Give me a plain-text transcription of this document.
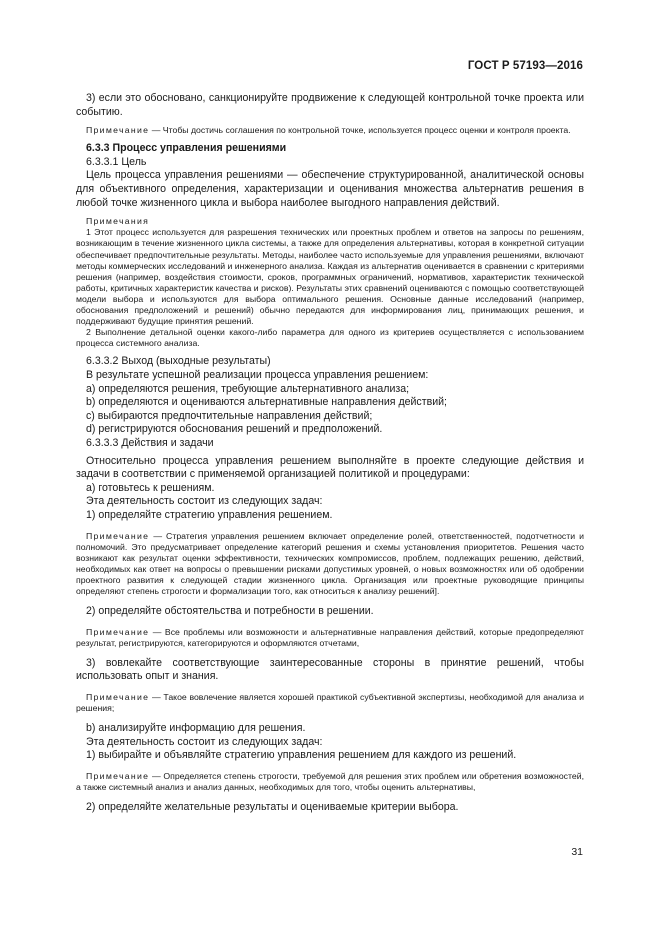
ГОСТ Р 57193—2016

3) если это обосновано, санкционируйте продвижение к следующей контрольной точке проекта или событию.

Примечание — Чтобы достичь соглашения по контрольной точке, используется процесс оценки и контроля проекта.

6.3.3 Процесс управления решениями

6.3.3.1 Цель

Цель процесса управления решениями — обеспечение структурированной, аналитической основы для объективного определения, характеризации и оценивания множества альтернатив решения в любой точке жизненного цикла и выбора наиболее выгодного направления действий.

Примечания

1 Этот процесс используется для разрешения технических или проектных проблем и ответов на запросы по решениям, возникающим в течение жизненного цикла системы, а также для определения альтернативы, которая в конкретной ситуации обеспечивает предпочтительные результаты. Методы, наиболее часто используемые для управления решениями, включают методы коммерческих исследований и инженерного анализа. Каждая из альтернатив оценивается в сравнении с критериями решения (например, воздействия стоимости, сроков, программных ограничений, нормативов, характеристик технической работы, критичных характеристик качества и рисков). Результаты этих сравнений оцениваются с помощью соответствующей модели выбора и используются для выбора оптимального решения. Основные данные исследований (например, обоснования предположений и решений) обычно передаются для информирования лиц, принимающих решения, и поддерживают будущие принятия решений.

2 Выполнение детальной оценки какого-либо параметра для одного из критериев осуществляется с использованием процесса системного анализа.

6.3.3.2 Выход (выходные результаты)

В результате успешной реализации процесса управления решением:

a) определяются решения, требующие альтернативного анализа;

b) определяются и оцениваются альтернативные направления действий;

c) выбираются предпочтительные направления действий;

d) регистрируются обоснования решений и предположений.

6.3.3.3 Действия и задачи

Относительно процесса управления решением выполняйте в проекте следующие действия и задачи в соответствии с применяемой организацией политикой и процедурами:

a) готовьтесь к решениям.

Эта деятельность состоит из следующих задач:

1) определяйте стратегию управления решением.

Примечание — Стратегия управления решением включает определение ролей, ответственностей, подотчетности и полномочий. Это предусматривает определение категорий решения и схемы установления приоритетов. Решения часто возникают как результат оценки эффективности, технических компромиссов, проблем, подлежащих решению, действий, необходимых как ответ на вопросы о превышении рисками допустимых уровней, о новых возможностях или об одобрении проектного развития к следующей стадии жизненного цикла. Организация или проектные руководящие принципы определяют степень строгости и формализации того, как относиться к анализу решений].

2) определяйте обстоятельства и потребности в решении.

Примечание — Все проблемы или возможности и альтернативные направления действий, которые предопределяют результат, регистрируются, категорируются и оформляются отчетами,

3) вовлекайте соответствующие заинтересованные стороны в принятие решений, чтобы использовать опыт и знания.

Примечание — Такое вовлечение является хорошей практикой субъективной экспертизы, необходимой для анализа и решения;

b) анализируйте информацию для решения.

Эта деятельность состоит из следующих задач:

1) выбирайте и объявляйте стратегию управления решением для каждого из решений.

Примечание — Определяется степень строгости, требуемой для решения этих проблем или обретения возможностей, а также системный анализ и анализ данных, необходимых для того, чтобы оценить альтернативы,

2) определяйте желательные результаты и оцениваемые критерии выбора.

31
